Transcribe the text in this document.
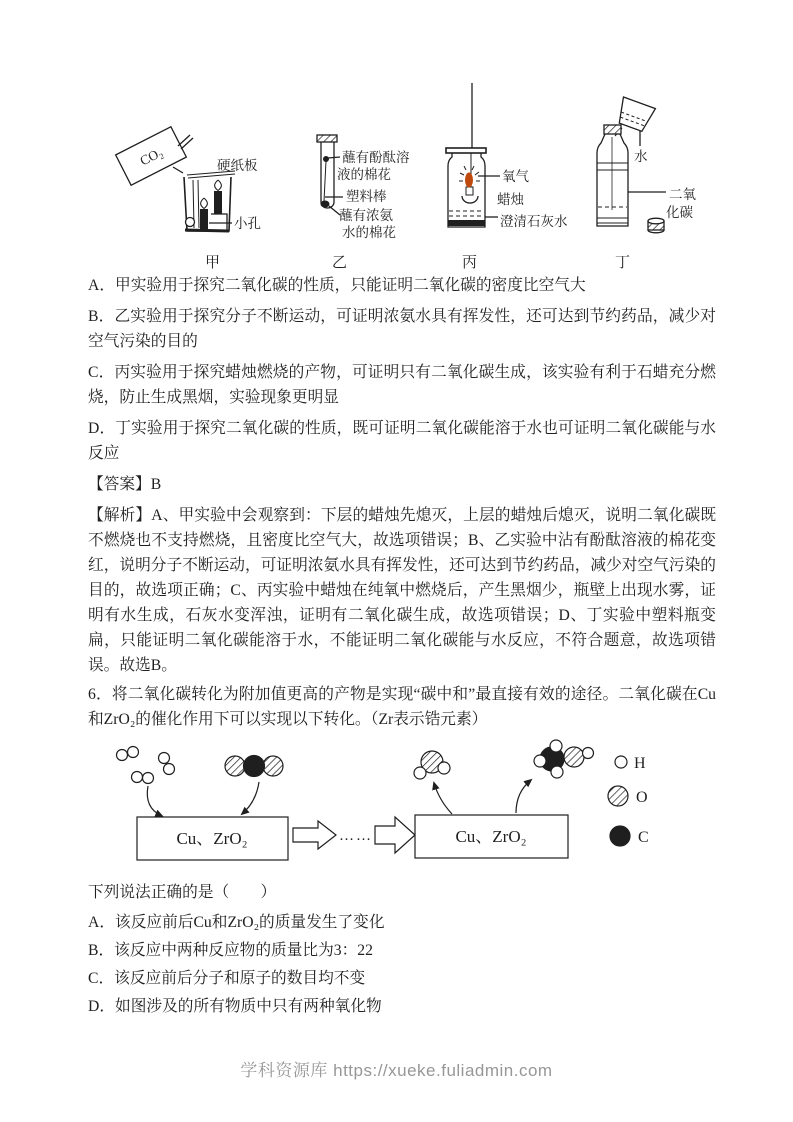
CO₂	硬纸板
小孔
甲
蘸有酚酞溶
液的棉花
塑料棒
蘸有浓氨
水的棉花
乙
氧气
蜡烛
澄清石灰水
丙
水
二氧
化碳
丁

A．甲实验用于探究二氧化碳的性质，只能证明二氧化碳的密度比空气大

B．乙实验用于探究分子不断运动，可证明浓氨水具有挥发性，还可达到节约药品，减少对空气污染的目的

C．丙实验用于探究蜡烛燃烧的产物，可证明只有二氧化碳生成，该实验有利于石蜡充分燃烧，防止生成黑烟，实验现象更明显

D．丁实验用于探究二氧化碳的性质，既可证明二氧化碳能溶于水也可证明二氧化碳能与水反应

【答案】B

【解析】A、甲实验中会观察到：下层的蜡烛先熄灭，上层的蜡烛后熄灭，说明二氧化碳既不燃烧也不支持燃烧，且密度比空气大，故选项错误；B、乙实验中沾有酚酞溶液的棉花变红，说明分子不断运动，可证明浓氨水具有挥发性，还可达到节约药品，减少对空气污染的目的，故选项正确；C、丙实验中蜡烛在纯氧中燃烧后，产生黑烟少，瓶壁上出现水雾，证明有水生成，石灰水变浑浊，证明有二氧化碳生成，故选项错误；D、丁实验中塑料瓶变扁，只能证明二氧化碳能溶于水，不能证明二氧化碳能与水反应，不符合题意，故选项错误。故选B。

6．将二氧化碳转化为附加值更高的产物是实现“碳中和”最直接有效的途径。二氧化碳在Cu和ZrO₂的催化作用下可以实现以下转化。（Zr表示锆元素）

Cu、ZrO₂	Cu、ZrO₂
……
H
O
C

下列说法正确的是（　　）

A．该反应前后Cu和ZrO₂的质量发生了变化

B．该反应中两种反应物的质量比为3：22

C．该反应前后分子和原子的数目均不变

D．如图涉及的所有物质中只有两种氧化物

学科资源库 https://xueke.fuliadmin.com
